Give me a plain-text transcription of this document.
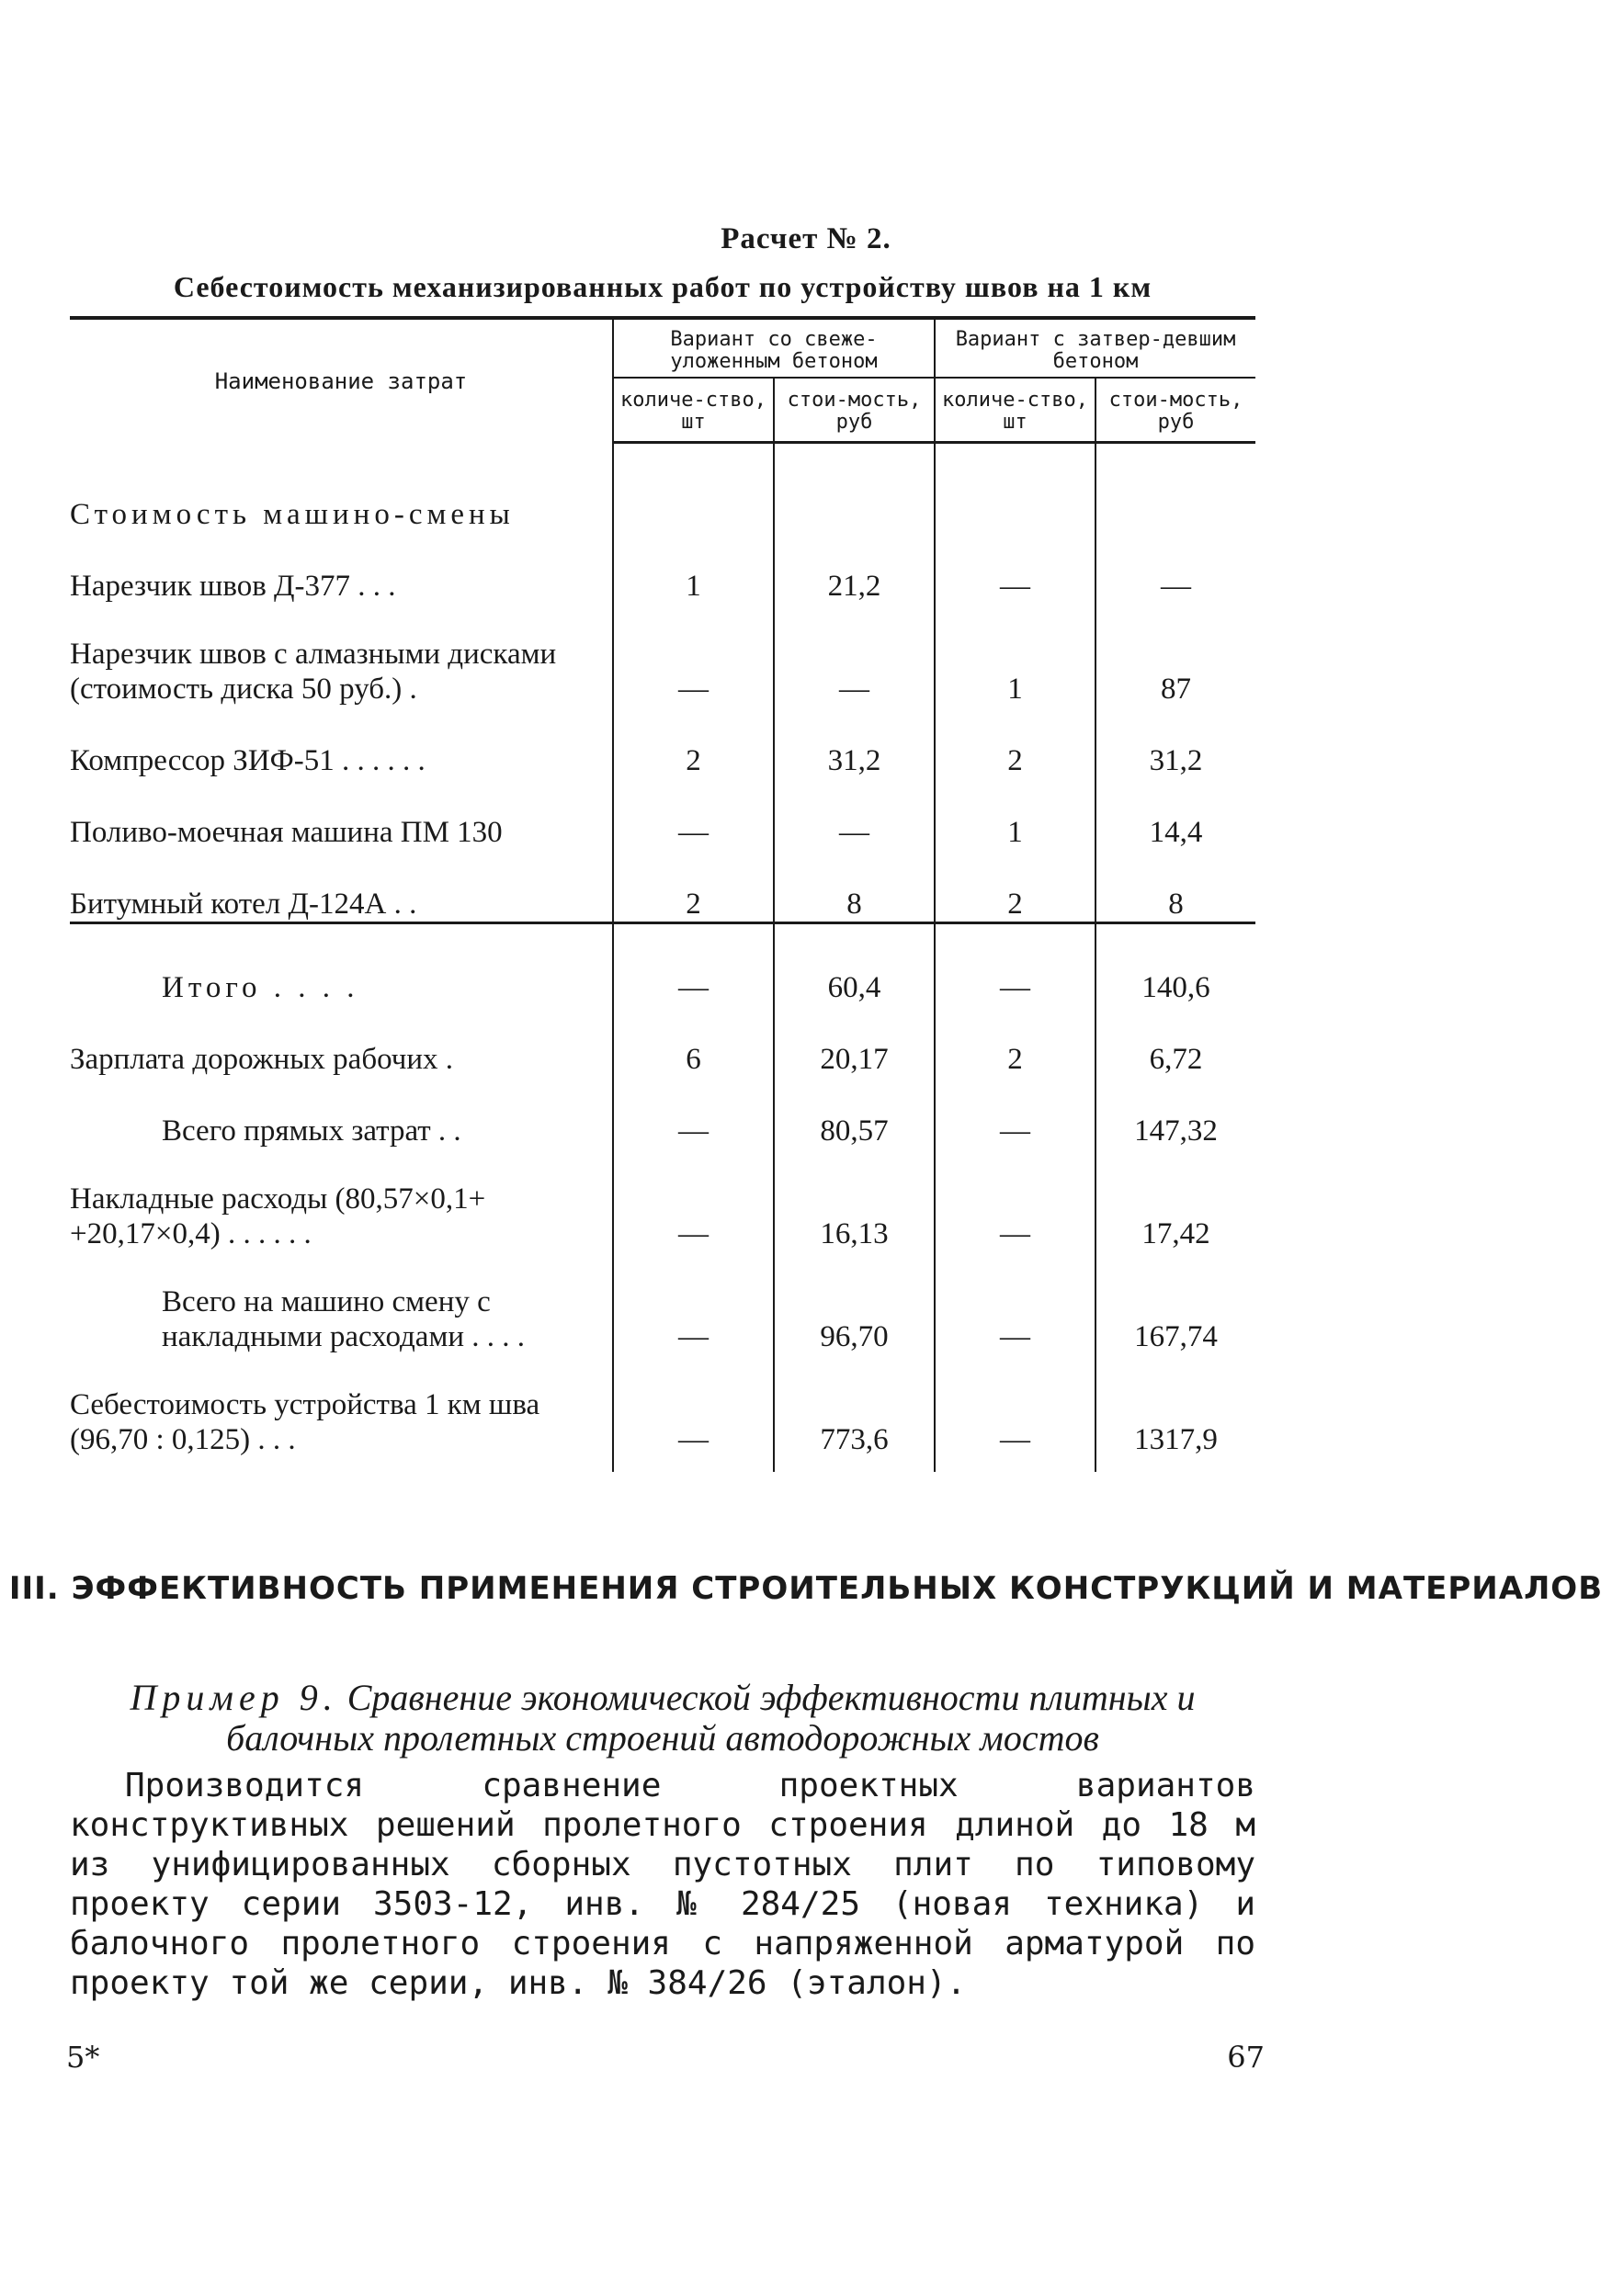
Расчет № 2.
Себестоимость механизированных работ по устройству швов на 1 км
Наименование затрат	Вариант со свеже-уложенным бетоном		Вариант с затвер-девшим бетоном	
	количе-ство, шт	стои-мость, руб	количе-ство, шт	стои-мость, руб
Стоимость машино-смены				
Нарезчик швов Д-377 . . .	1	21,2	—	—
Нарезчик швов с алмазными дисками (стоимость диска 50 руб.) .	—	—	1	87
Компрессор ЗИФ-51 . . . . . .	2	31,2	2	31,2
Поливо-моечная машина ПМ 130	—	—	1	14,4
Битумный котел Д-124А . .	2	8	2	8
Итого . . . .	—	60,4	—	140,6
Зарплата дорожных рабочих .	6	20,17	2	6,72
Всего прямых затрат . .	—	80,57	—	147,32
Накладные расходы (80,57×0,1+ +20,17×0,4) . . . . . .	—	16,13	—	17,42
Всего на машино смену с накладными расходами . . . .	—	96,70	—	167,74
Себестоимость устройства 1 км шва (96,70 : 0,125) . . .	—	773,6	—	1317,9
III. ЭФФЕКТИВНОСТЬ ПРИМЕНЕНИЯ СТРОИТЕЛЬНЫХ КОНСТРУКЦИЙ И МАТЕРИАЛОВ
Пример 9. Сравнение экономической эффективности плитных и балочных пролетных строений автодорожных мостов

Производится сравнение проектных вариантов конструктивных решений пролетного строения длиной до 18 м из унифицированных сборных пустотных плит по типовому проекту серии 3503-12, инв. № 284/25 (новая техника) и балочного пролетного строения с напряженной арматурой по проекту той же серии, инв. № 384/26 (эталон).

5*	67
